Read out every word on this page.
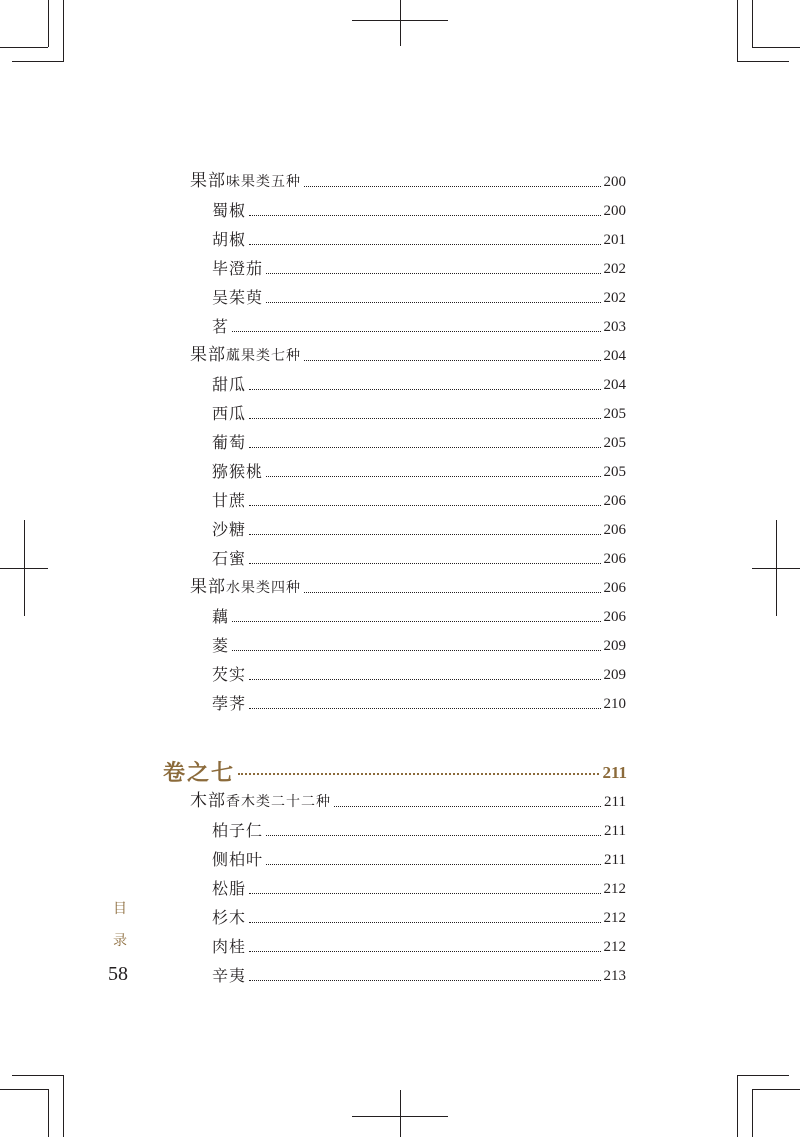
果部味果类五种	200
蜀椒	200
胡椒	201
毕澄茄	202
吴茱萸	202
茗	203
果部蓏果类七种	204
甜瓜	204
西瓜	205
葡萄	205
猕猴桃	205
甘蔗	206
沙糖	206
石蜜	206
果部水果类四种	206
藕	206
菱	209
芡实	209
荸荠	210
卷之七	211
木部香木类二十二种	211
柏子仁	211
侧柏叶	211
松脂	212
杉木	212
肉桂	212
辛夷	213
目
录
58
